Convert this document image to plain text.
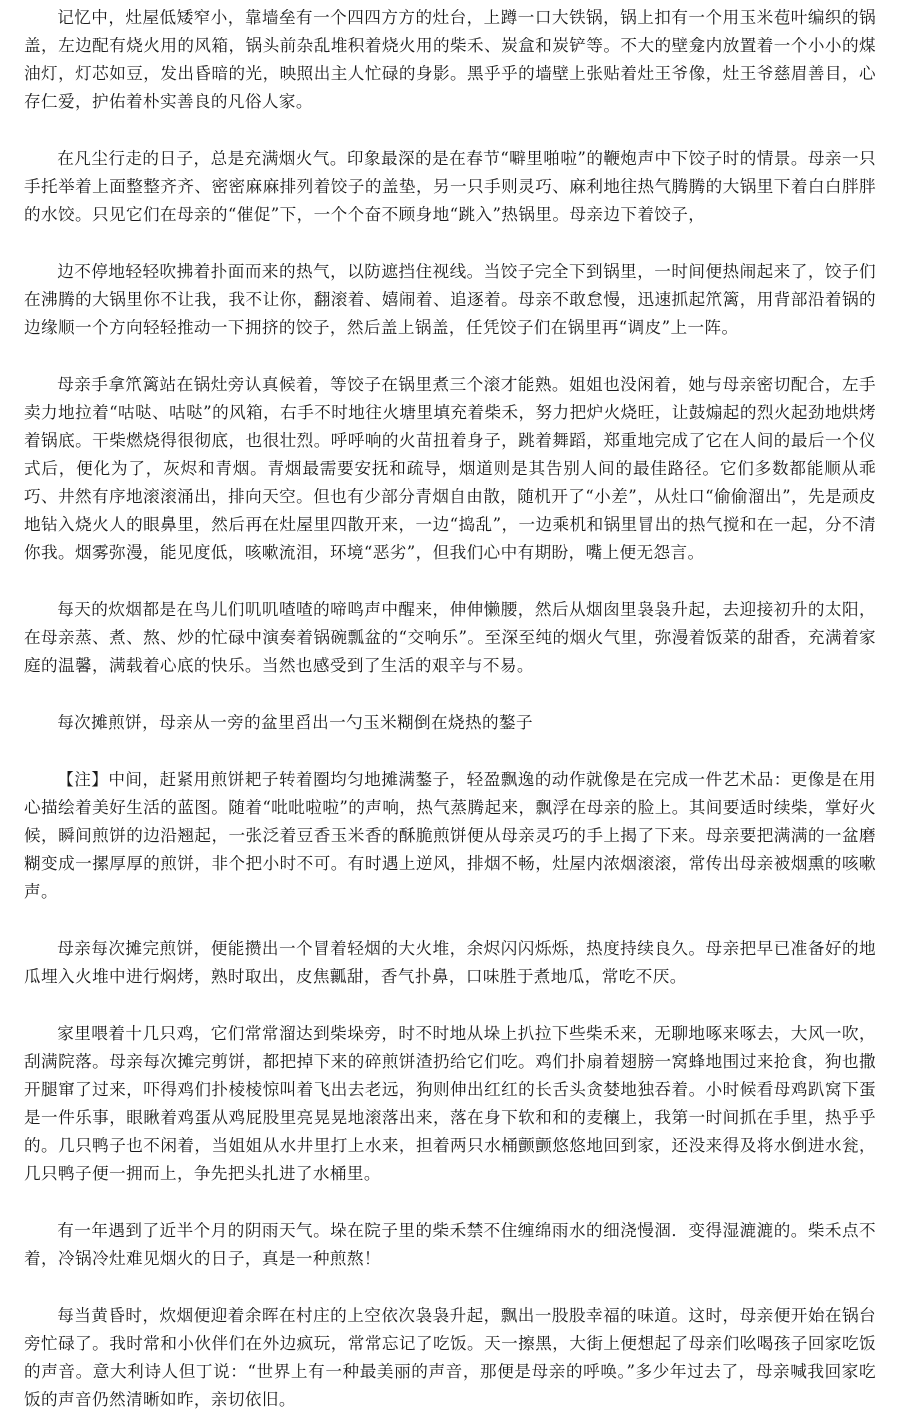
记忆中，灶屋低矮窄小，靠墙垒有一个四四方方的灶台，上蹲一口大铁锅，锅上扣有一个用玉米苞叶编织的锅盖，左边配有烧火用的风箱，锅头前杂乱堆积着烧火用的柴禾、炭盒和炭铲等。不大的壁龛内放置着一个小小的煤油灯，灯芯如豆，发出昏暗的光，映照出主人忙碌的身影。黑乎乎的墙壁上张贴着灶王爷像，灶王爷慈眉善目，心存仁爱，护佑着朴实善良的凡俗人家。

在凡尘行走的日子，总是充满烟火气。印象最深的是在春节“噼里啪啦”的鞭炮声中下饺子时的情景。母亲一只手托举着上面整整齐齐、密密麻麻排列着饺子的盖垫，另一只手则灵巧、麻利地往热气腾腾的大锅里下着白白胖胖的水饺。只见它们在母亲的“催促”下，一个个奋不顾身地“跳入”热锅里。母亲边下着饺子，

边不停地轻轻吹拂着扑面而来的热气，以防遮挡住视线。当饺子完全下到锅里，一时间便热闹起来了，饺子们在沸腾的大锅里你不让我，我不让你，翻滚着、嬉闹着、追逐着。母亲不敢怠慢，迅速抓起笊篱，用背部沿着锅的边缘顺一个方向轻轻推动一下拥挤的饺子，然后盖上锅盖，任凭饺子们在锅里再“调皮”上一阵。

母亲手拿笊篱站在锅灶旁认真候着，等饺子在锅里煮三个滚才能熟。姐姐也没闲着，她与母亲密切配合，左手卖力地拉着“咕哒、咕哒”的风箱，右手不时地往火塘里填充着柴禾，努力把炉火烧旺，让鼓煽起的烈火起劲地烘烤着锅底。干柴燃烧得很彻底，也很壮烈。呼呼响的火苗扭着身子，跳着舞蹈，郑重地完成了它在人间的最后一个仪式后，便化为了，灰烬和青烟。青烟最需要安抚和疏导，烟道则是其告别人间的最佳路径。它们多数都能顺从乖巧、井然有序地滚滚涌出，排向天空。但也有少部分青烟自由散，随机开了“小差”，从灶口“偷偷溜出”，先是顽皮地钻入烧火人的眼鼻里，然后再在灶屋里四散开来，一边“捣乱”，一边乘机和锅里冒出的热气搅和在一起，分不清你我。烟雾弥漫，能见度低，咳嗽流泪，环境“恶劣”，但我们心中有期盼，嘴上便无怨言。

每天的炊烟都是在鸟儿们叽叽喳喳的啼鸣声中醒来，伸伸懒腰，然后从烟囱里袅袅升起，去迎接初升的太阳，在母亲蒸、煮、熬、炒的忙碌中演奏着锅碗瓢盆的“交响乐”。至深至纯的烟火气里，弥漫着饭菜的甜香，充满着家庭的温馨，满载着心底的快乐。当然也感受到了生活的艰辛与不易。

每次摊煎饼，母亲从一旁的盆里舀出一勺玉米糊倒在烧热的鏊子

【注】中间，赶紧用煎饼耙子转着圈均匀地摊满鏊子，轻盈飘逸的动作就像是在完成一件艺术品：更像是在用心描绘着美好生活的蓝图。随着“吡吡啦啦”的声响，热气蒸腾起来，飘浮在母亲的脸上。其间要适时续柴，掌好火候，瞬间煎饼的边沿翘起，一张泛着豆香玉米香的酥脆煎饼便从母亲灵巧的手上揭了下来。母亲要把满满的一盆磨糊变成一摞厚厚的煎饼，非个把小时不可。有时遇上逆风，排烟不畅，灶屋内浓烟滚滚，常传出母亲被烟熏的咳嗽声。

母亲每次摊完煎饼，便能攒出一个冒着轻烟的大火堆，余烬闪闪烁烁，热度持续良久。母亲把早已准备好的地瓜埋入火堆中进行焖烤，熟时取出，皮焦瓤甜，香气扑鼻，口味胜于煮地瓜，常吃不厌。

家里喂着十几只鸡，它们常常溜达到柴垛旁，时不时地从垛上扒拉下些柴禾来，无聊地啄来啄去，大风一吹，刮满院落。母亲每次摊完剪饼，都把掉下来的碎煎饼渣扔给它们吃。鸡们扑扇着翅膀一窝蜂地围过来抢食，狗也撒开腿窜了过来，吓得鸡们扑棱棱惊叫着飞出去老远，狗则伸出红红的长舌头贪婪地独吞着。小时候看母鸡趴窝下蛋是一件乐事，眼瞅着鸡蛋从鸡屁股里亮晃晃地滚落出来，落在身下软和和的麦穰上，我第一时间抓在手里，热乎乎的。几只鸭子也不闲着，当姐姐从水井里打上水来，担着两只水桶颤颤悠悠地回到家，还没来得及将水倒进水瓮，几只鸭子便一拥而上，争先把头扎进了水桶里。

有一年遇到了近半个月的阴雨天气。垛在院子里的柴禾禁不住缠绵雨水的细浇慢涸．变得湿漉漉的。柴禾点不着，冷锅冷灶难见烟火的日子，真是一种煎熬！

每当黄昏时，炊烟便迎着余晖在村庄的上空依次袅袅升起，飘出一股股幸福的味道。这时，母亲便开始在锅台旁忙碌了。我时常和小伙伴们在外边疯玩，常常忘记了吃饭。天一擦黑，大街上便想起了母亲们吆喝孩子回家吃饭的声音。意大利诗人但丁说：“世界上有一种最美丽的声音，那便是母亲的呼唤。”多少年过去了，母亲喊我回家吃饭的声音仍然清晰如昨，亲切依旧。
